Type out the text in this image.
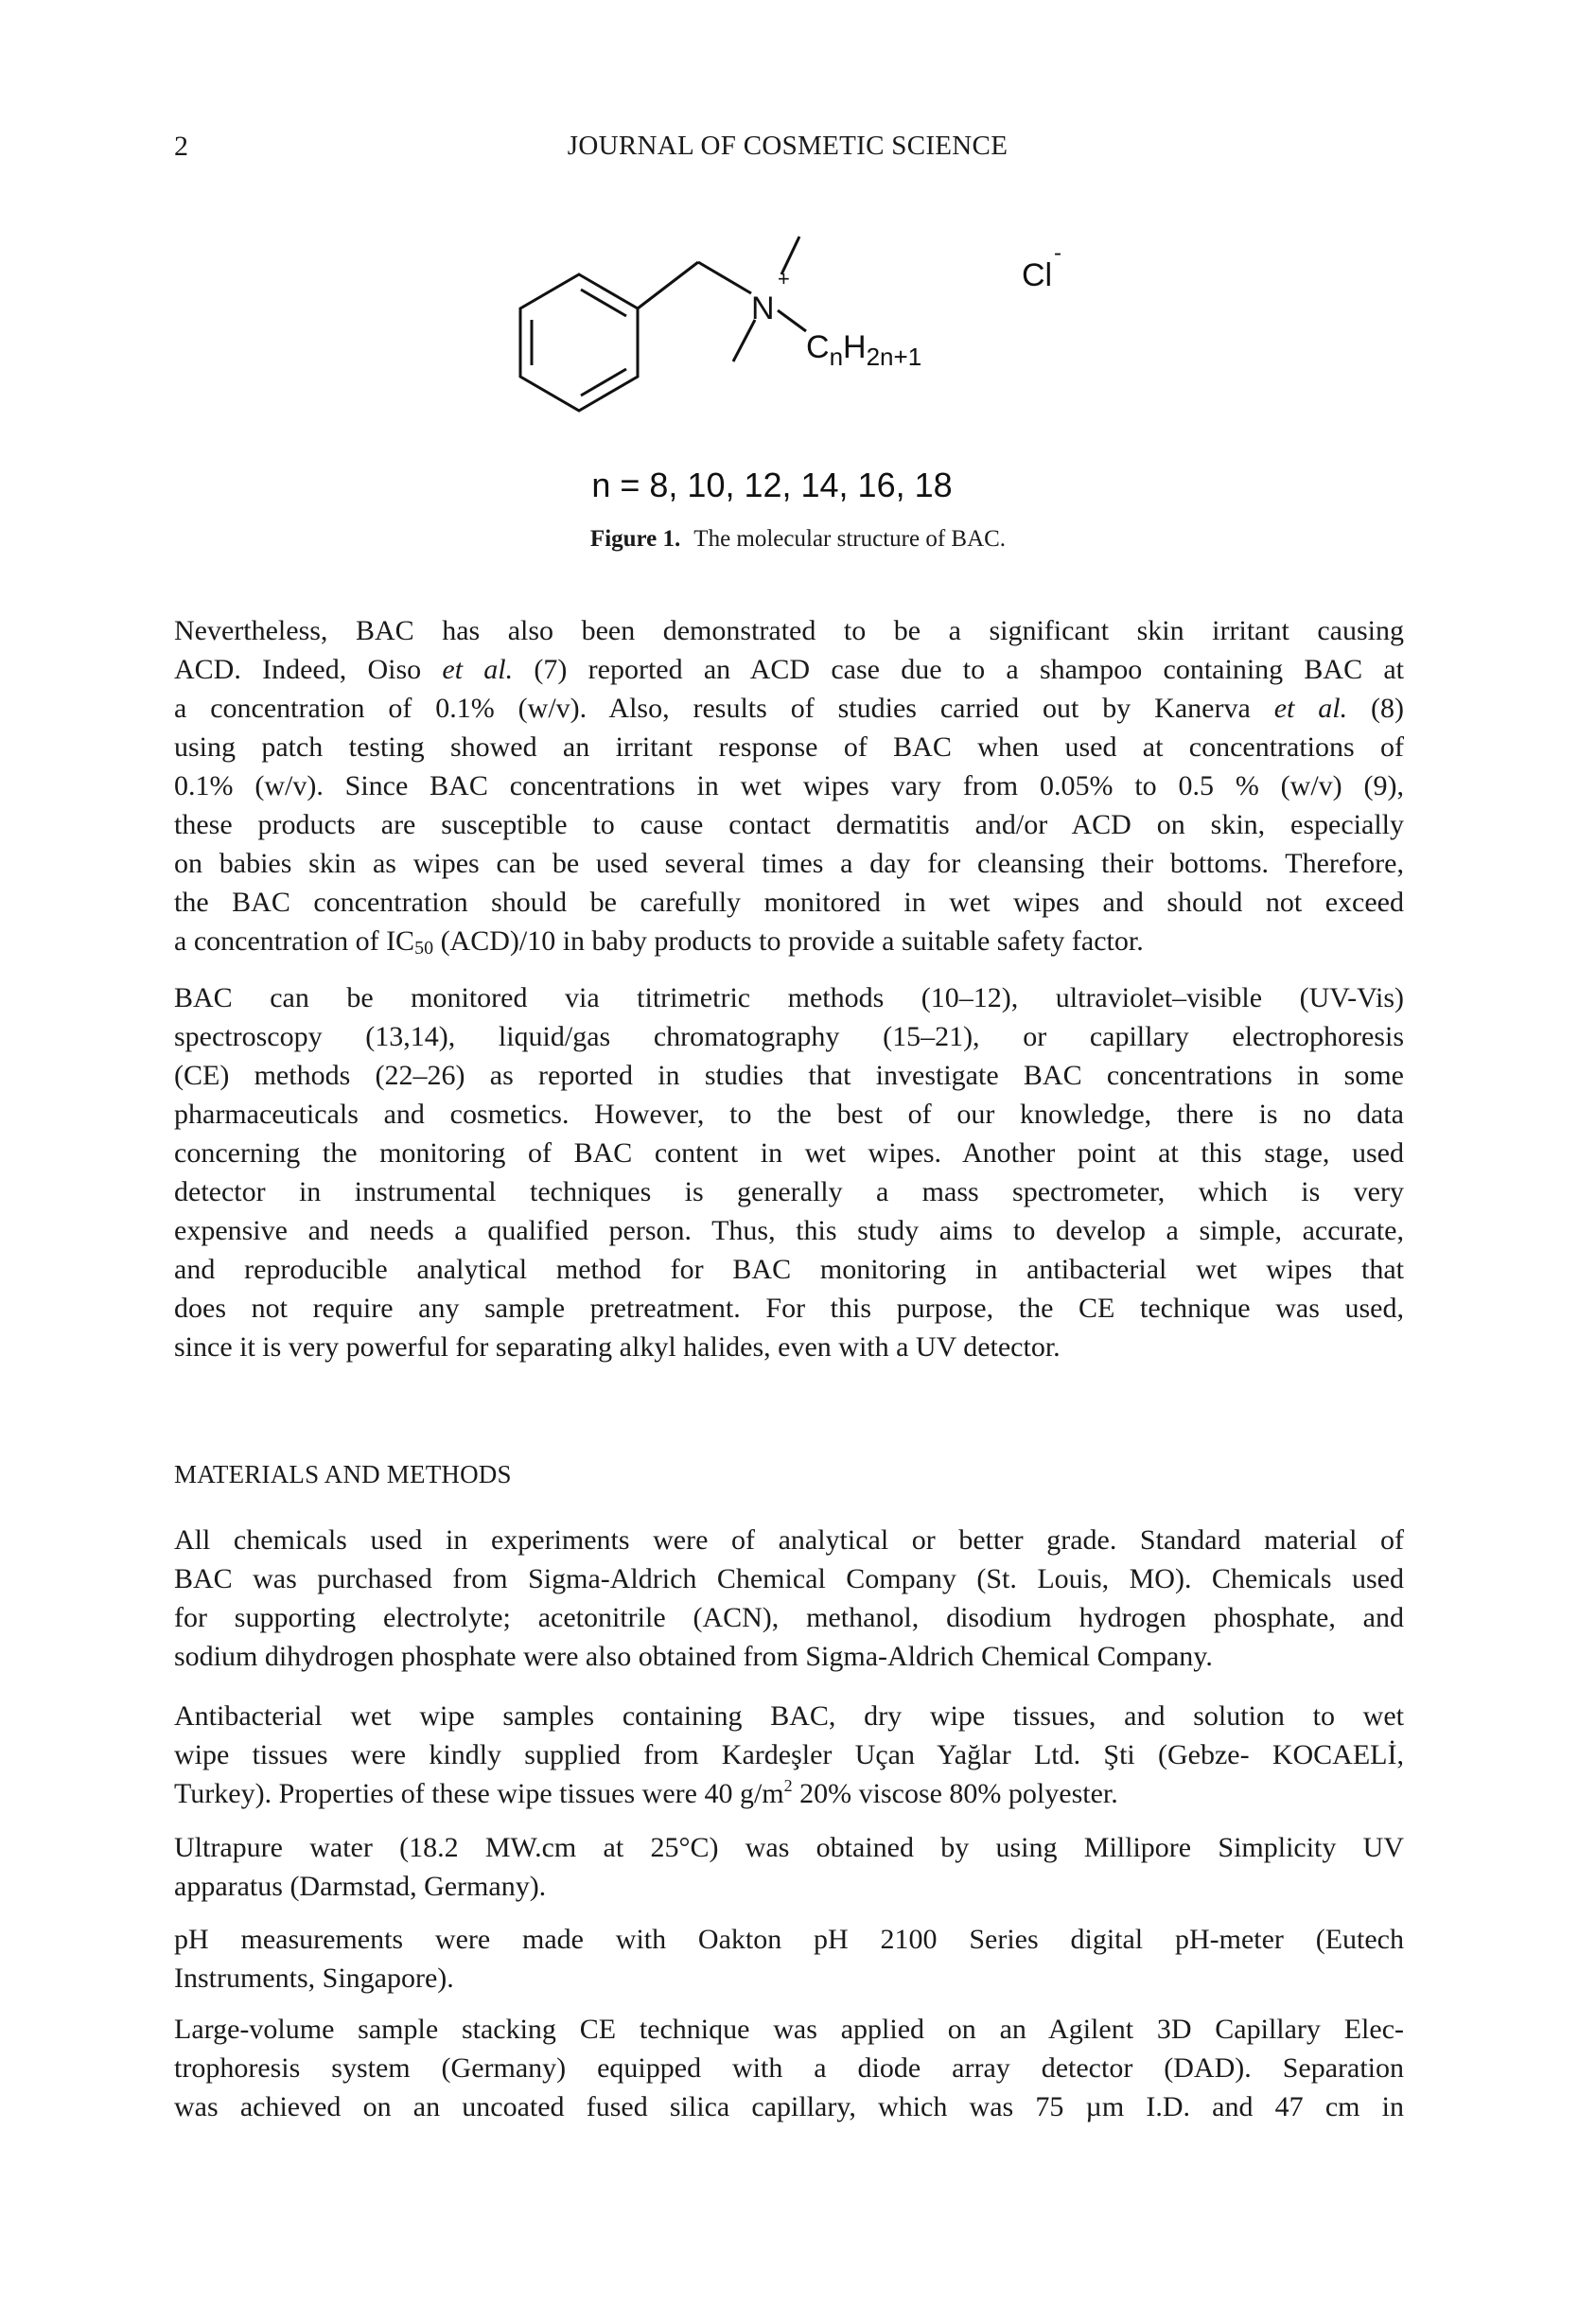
2	JOURNAL OF COSMETIC SCIENCE
N
+
$C_nH_{2n+1}$
Cl
-
n = 8, 10, 12, 14, 16, 18
Figure 1. The molecular structure of BAC.
Nevertheless, BAC has also been demonstrated to be a significant skin irritant causing
ACD. Indeed, Oiso et al. (7) reported an ACD case due to a shampoo containing BAC at
a concentration of 0.1% (w/v). Also, results of studies carried out by Kanerva et al. (8)
using patch testing showed an irritant response of BAC when used at concentrations of
0.1% (w/v). Since BAC concentrations in wet wipes vary from 0.05% to 0.5 % (w/v) (9),
these products are susceptible to cause contact dermatitis and/or ACD on skin, especially
on babies skin as wipes can be used several times a day for cleansing their bottoms. Therefore,
the BAC concentration should be carefully monitored in wet wipes and should not exceed
a concentration of $IC_{50}$ (ACD)/10 in baby products to provide a suitable safety factor.
BAC can be monitored via titrimetric methods (10–12), ultraviolet–visible (UV-Vis)
spectroscopy (13,14), liquid/gas chromatography (15–21), or capillary electrophoresis
(CE) methods (22–26) as reported in studies that investigate BAC concentrations in some
pharmaceuticals and cosmetics. However, to the best of our knowledge, there is no data
concerning the monitoring of BAC content in wet wipes. Another point at this stage, used
detector in instrumental techniques is generally a mass spectrometer, which is very
expensive and needs a qualified person. Thus, this study aims to develop a simple, accurate,
and reproducible analytical method for BAC monitoring in antibacterial wet wipes that
does not require any sample pretreatment. For this purpose, the CE technique was used,
since it is very powerful for separating alkyl halides, even with a UV detector.
MATERIALS AND METHODS
All chemicals used in experiments were of analytical or better grade. Standard material of
BAC was purchased from Sigma-Aldrich Chemical Company (St. Louis, MO). Chemicals used
for supporting electrolyte; acetonitrile (ACN), methanol, disodium hydrogen phosphate, and
sodium dihydrogen phosphate were also obtained from Sigma-Aldrich Chemical Company.
Antibacterial wet wipe samples containing BAC, dry wipe tissues, and solution to wet
wipe tissues were kindly supplied from Kardeşler Uçan Yağlar Ltd. Şti (Gebze- KOCAELİ,
Turkey). Properties of these wipe tissues were 40 $g/m^2$ 20% viscose 80% polyester.
Ultrapure water (18.2 MW.cm at 25°C) was obtained by using Millipore Simplicity UV
apparatus (Darmstad, Germany).
pH measurements were made with Oakton pH 2100 Series digital pH-meter (Eutech
Instruments, Singapore).
Large-volume sample stacking CE technique was applied on an Agilent 3D Capillary Elec-
trophoresis system (Germany) equipped with a diode array detector (DAD). Separation
was achieved on an uncoated fused silica capillary, which was 75 µm I.D. and 47 cm in
